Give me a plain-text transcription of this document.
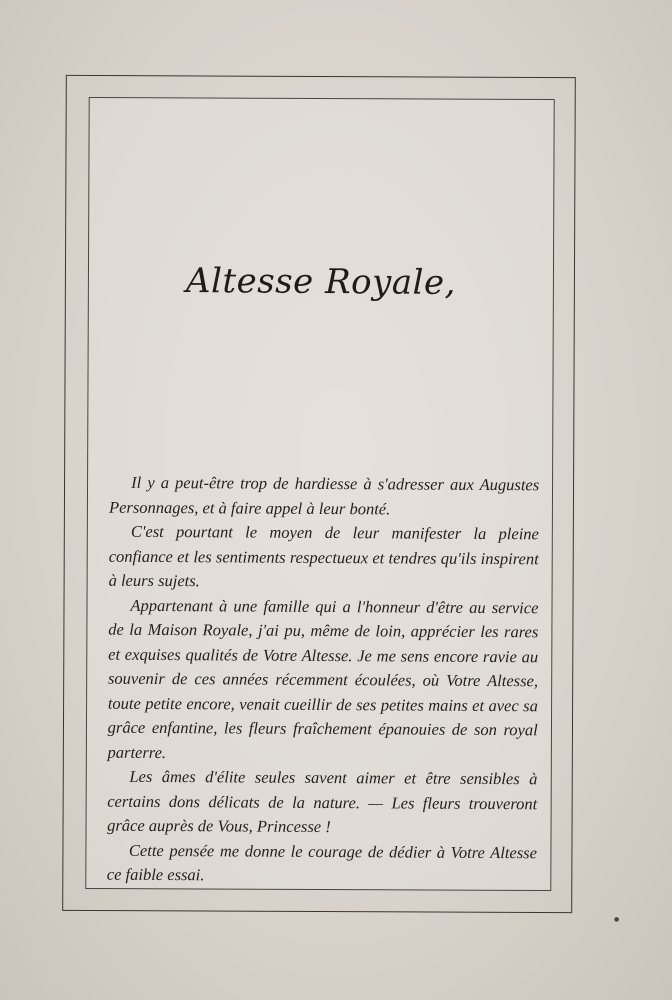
Altesse Royale,

Il y a peut-être trop de hardiesse à s'adresser aux Augustes Personnages, et à faire appel à leur bonté.

C'est pourtant le moyen de leur manifester la pleine confiance et les sentiments respectueux et tendres qu'ils inspirent à leurs sujets.

Appartenant à une famille qui a l'honneur d'être au service de la Maison Royale, j'ai pu, même de loin, apprécier les rares et exquises qualités de Votre Altesse. Je me sens encore ravie au souvenir de ces années récemment écoulées, où Votre Altesse, toute petite encore, venait cueillir de ses petites mains et avec sa grâce enfantine, les fleurs fraîchement épanouies de son royal parterre.

Les âmes d'élite seules savent aimer et être sensibles à certains dons délicats de la nature. — Les fleurs trouveront grâce auprès de Vous, Princesse !

Cette pensée me donne le courage de dédier à Votre Altesse ce faible essai.

●
